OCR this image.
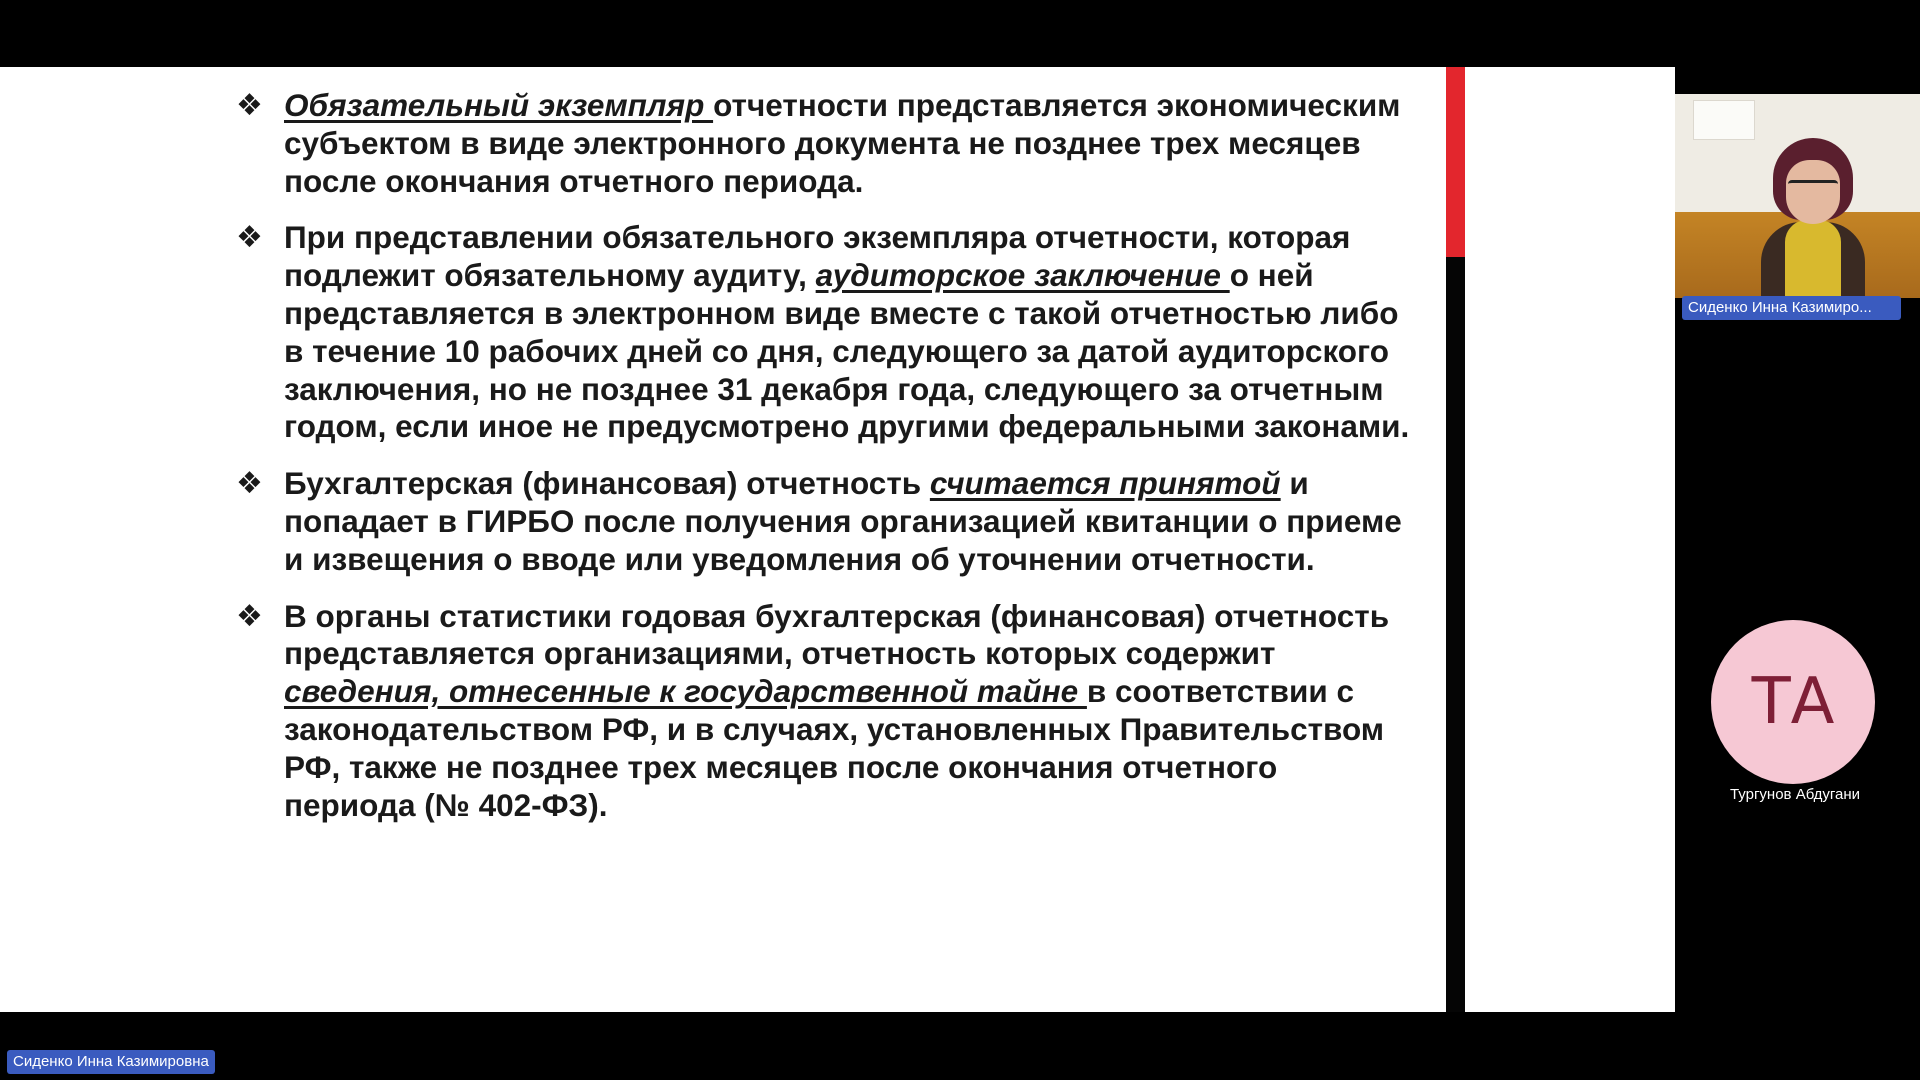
❖ Обязательный экземпляр отчетности представляется экономическим субъектом в виде электронного документа не позднее трех месяцев после окончания отчетного периода.
❖ При представлении обязательного экземпляра отчетности, которая подлежит обязательному аудиту, аудиторское заключение о ней представляется в электронном виде вместе с такой отчетностью либо в течение 10 рабочих дней со дня, следующего за датой аудиторского заключения, но не позднее 31 декабря года, следующего за отчетным годом, если иное не предусмотрено другими федеральными законами.
❖ Бухгалтерская (финансовая) отчетность считается принятой и попадает в ГИРБО после получения организацией квитанции о приеме и извещения о вводе или уведомления об уточнении отчетности.
❖ В органы статистики годовая бухгалтерская (финансовая) отчетность представляется организациями, отчетность которых содержит сведения, отнесенные к государственной тайне в соответствии с законодательством РФ, и в случаях, установленных Правительством РФ, также не позднее трех месяцев после окончания отчетного периода (№ 402-ФЗ).
Сиденко Инна Казимиро...
ТА
Тургунов Абдугани
Сиденко Инна Казимировна
